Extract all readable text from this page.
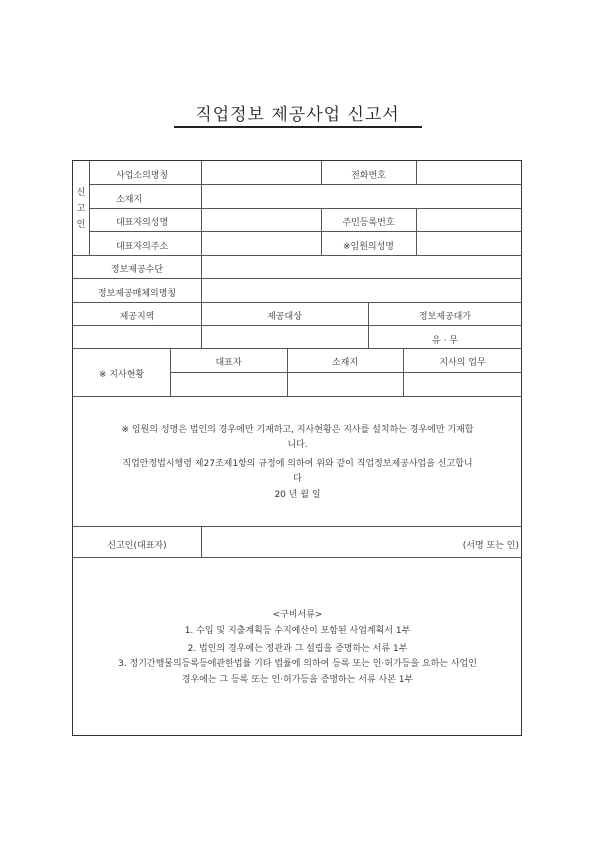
직업정보 제공사업 신고서
신
고
인
사업소의명칭	전화번호
소재지
대표자의성명	주민등록번호
대표자의주소	※임원의성명
정보제공수단
정보제공매체의명칭
제공지역	제공대상	정보제공대가
유 · 무
※ 지사현황
대표자	소재지	지사의 업무
※ 임원의 성명은 법인의 경우에만 기재하고, 지사현황은 지사를 설치하는 경우에만 기재합
니다.
직업안정법시행령 제27조제1항의 규정에 의하여 위와 같이 직업정보제공사업을 신고합니
다
20 년 월 일
신고인(대표자)	(서명 또는 인)
<구비서류>
1. 수입 및 지출계획등 수지예산이 포함된 사업계획서 1부
2. 법인의 경우에는 정관과 그 설립을 증명하는 서류 1부
3. 정기간행물의등록등에관한법률 기타 법률에 의하여 등록 또는 인·허가등을 요하는 사업인
경우에는 그 등록 또는 인·허가등을 증명하는 서류 사본 1부
